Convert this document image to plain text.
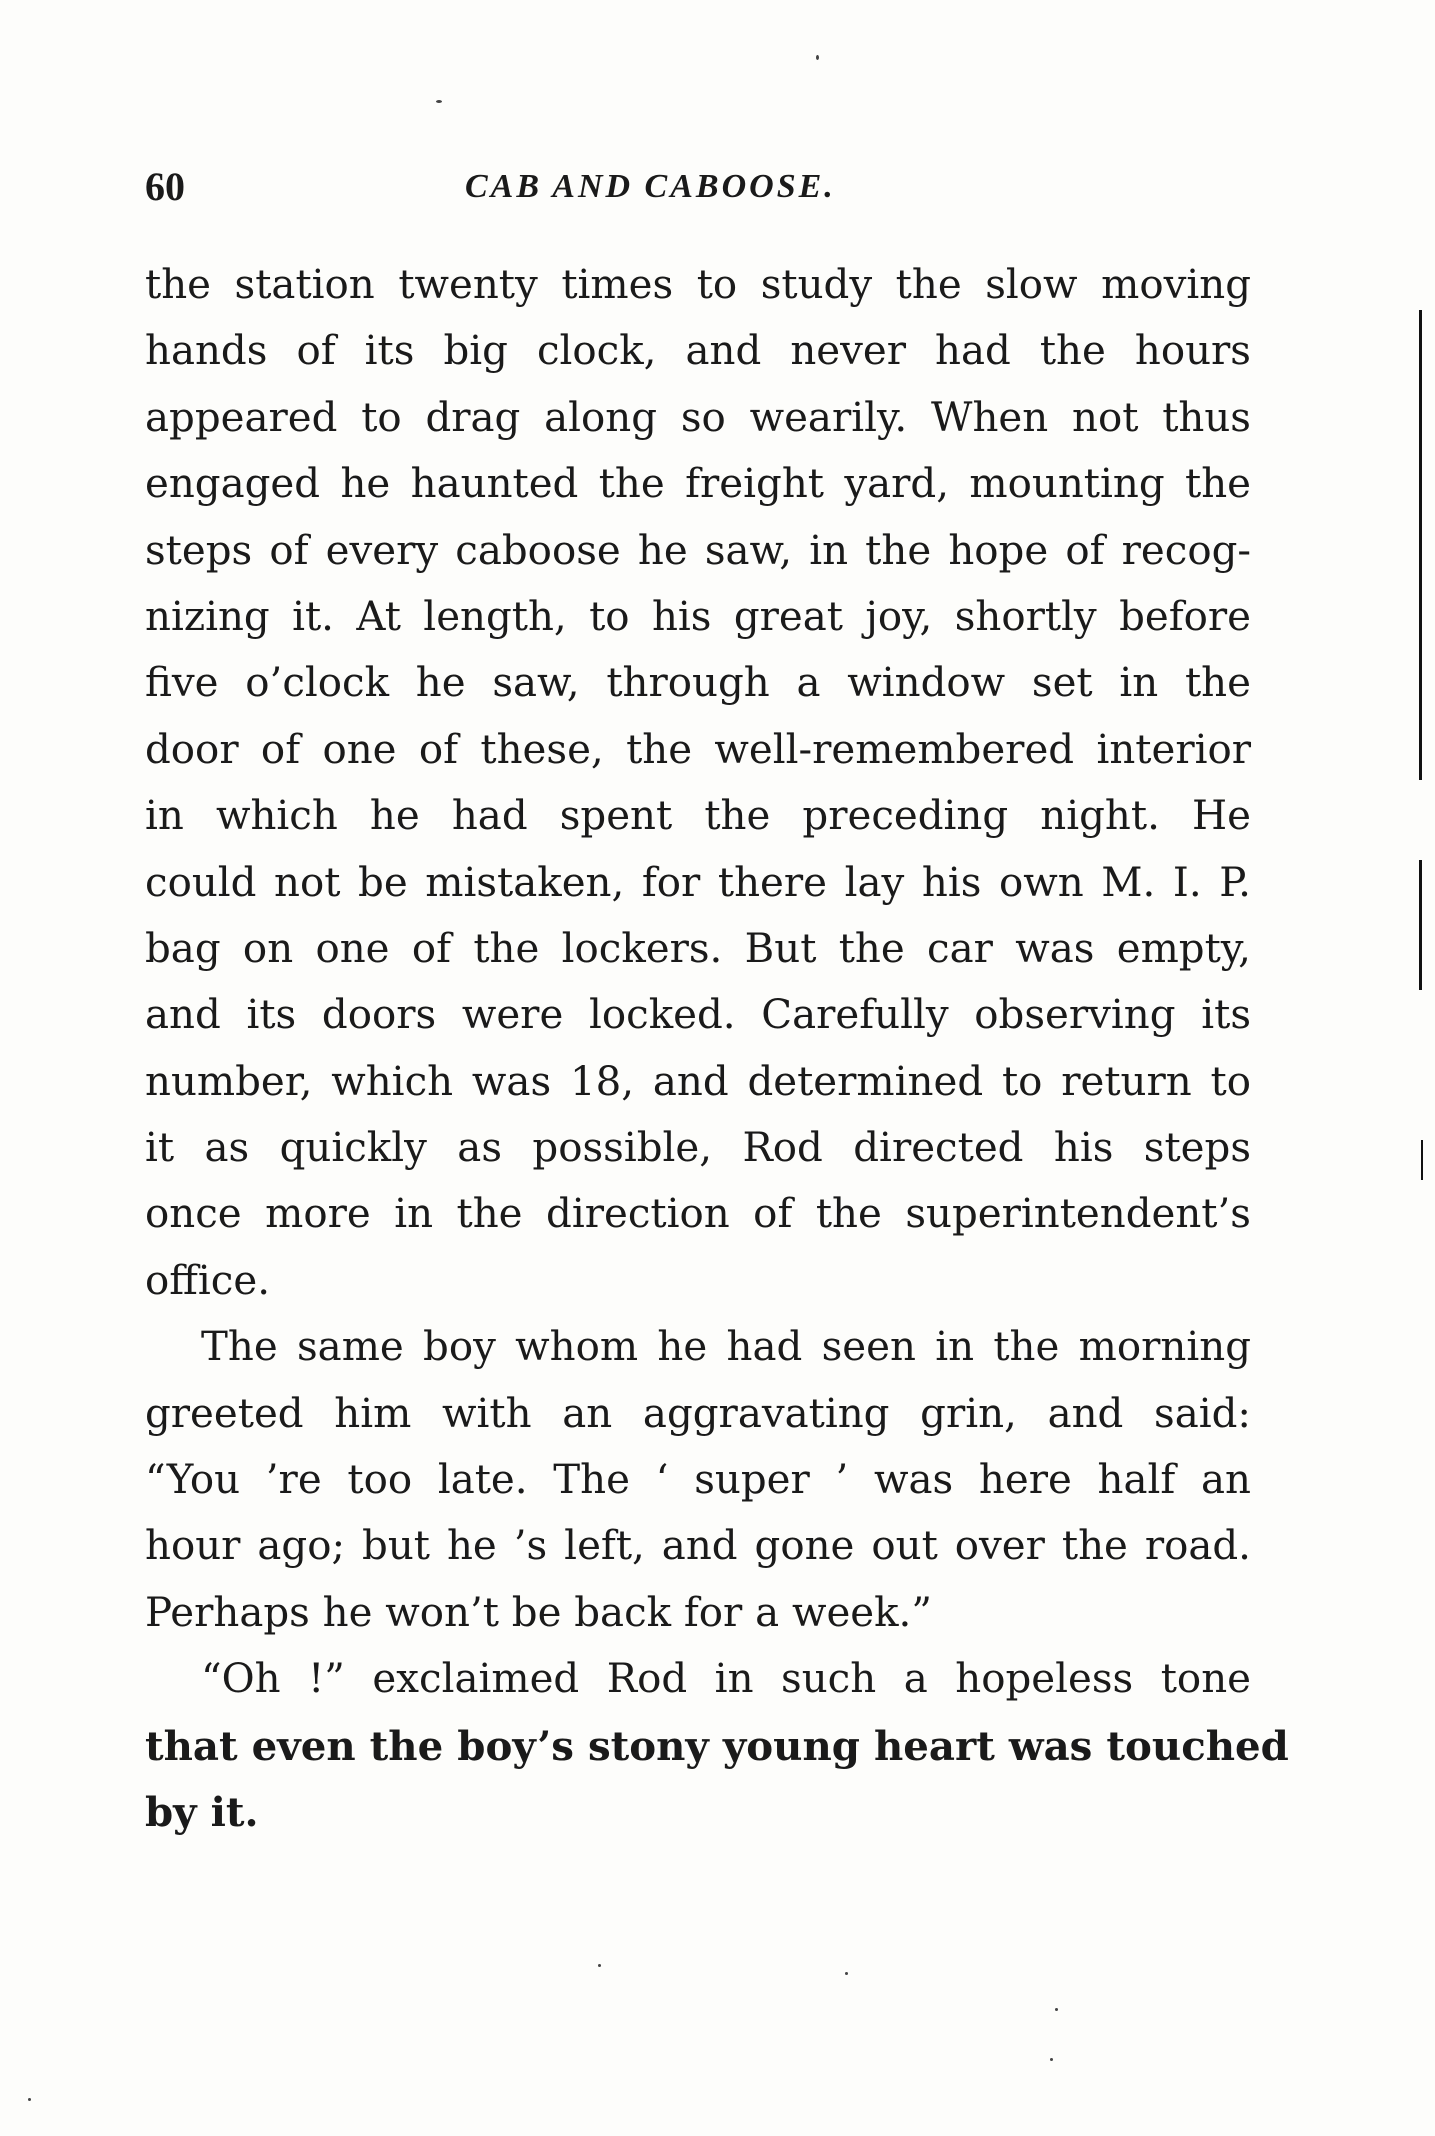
60	CAB AND CABOOSE.
the station twenty times to study the slow moving
hands of its big clock, and never had the hours
appeared to drag along so wearily. When not thus
engaged he haunted the freight yard, mounting the
steps of every caboose he saw, in the hope of recog-
nizing it. At length, to his great joy, shortly before
five o’clock he saw, through a window set in the
door of one of these, the well-remembered interior
in which he had spent the preceding night. He
could not be mistaken, for there lay his own M. I. P.
bag on one of the lockers. But the car was empty,
and its doors were locked. Carefully observing its
number, which was 18, and determined to return to
it as quickly as possible, Rod directed his steps
once more in the direction of the superintendent’s
office.
The same boy whom he had seen in the morning
greeted him with an aggravating grin, and said:
“You ’re too late. The ‘ super ’ was here half an
hour ago; but he ’s left, and gone out over the road.
Perhaps he won’t be back for a week.”
“Oh !” exclaimed Rod in such a hopeless tone
that even the boy’s stony young heart was touched
by it.
